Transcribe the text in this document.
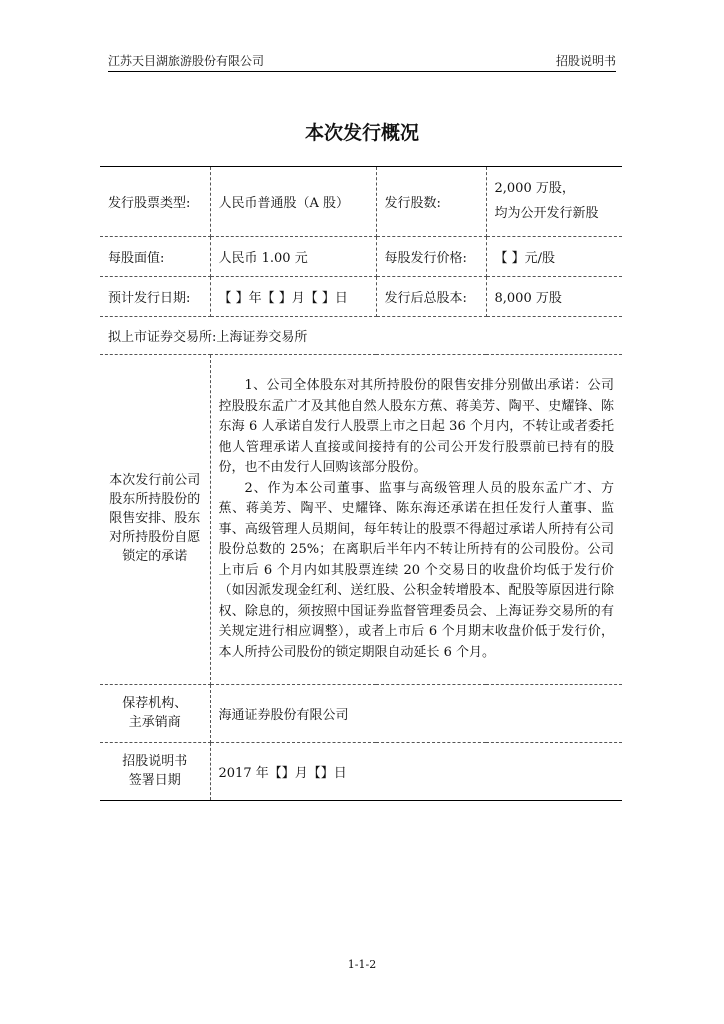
江苏天目湖旅游股份有限公司	招股说明书
本次发行概况
发行股票类型:	人民币普通股（A 股）	发行股数:	2,000 万股，
均为公开发行新股

每股面值:	人民币 1.00 元	每股发行价格:	【 】元/股
预计发行日期:	【 】年【 】月【 】日	发行后总股本:	8,000 万股
拟上市证券交易所:上海证券交易所			
本次发行前公司股东所持股份的限售安排、股东对所持股份自愿锁定的承诺	1、公司全体股东对其所持股份的限售安排分别做出承诺：公司控股股东孟广才及其他自然人股东方蕉、蒋美芳、陶平、史耀锋、陈东海 6 人承诺自发行人股票上市之日起 36 个月内，不转让或者委托他人管理承诺人直接或间接持有的公司公开发行股票前已持有的股份，也不由发行人回购该部分股份。

2、作为本公司董事、监事与高级管理人员的股东孟广才、方蕉、蒋美芳、陶平、史耀锋、陈东海还承诺在担任发行人董事、监事、高级管理人员期间，每年转让的股票不得超过承诺人所持有公司股份总数的 25%；在离职后半年内不转让所持有的公司股份。公司上市后 6 个月内如其股票连续 20 个交易日的收盘价均低于发行价（如因派发现金红利、送红股、公积金转增股本、配股等原因进行除权、除息的，须按照中国证券监督管理委员会、上海证券交易所的有关规定进行相应调整），或者上市后 6 个月期末收盘价低于发行价，本人所持公司股份的锁定期限自动延长 6 个月。		

保荐机构、
主承销商	海通证券股份有限公司		

招股说明书
签署日期	2017 年【】月【】日		
1-1-2
